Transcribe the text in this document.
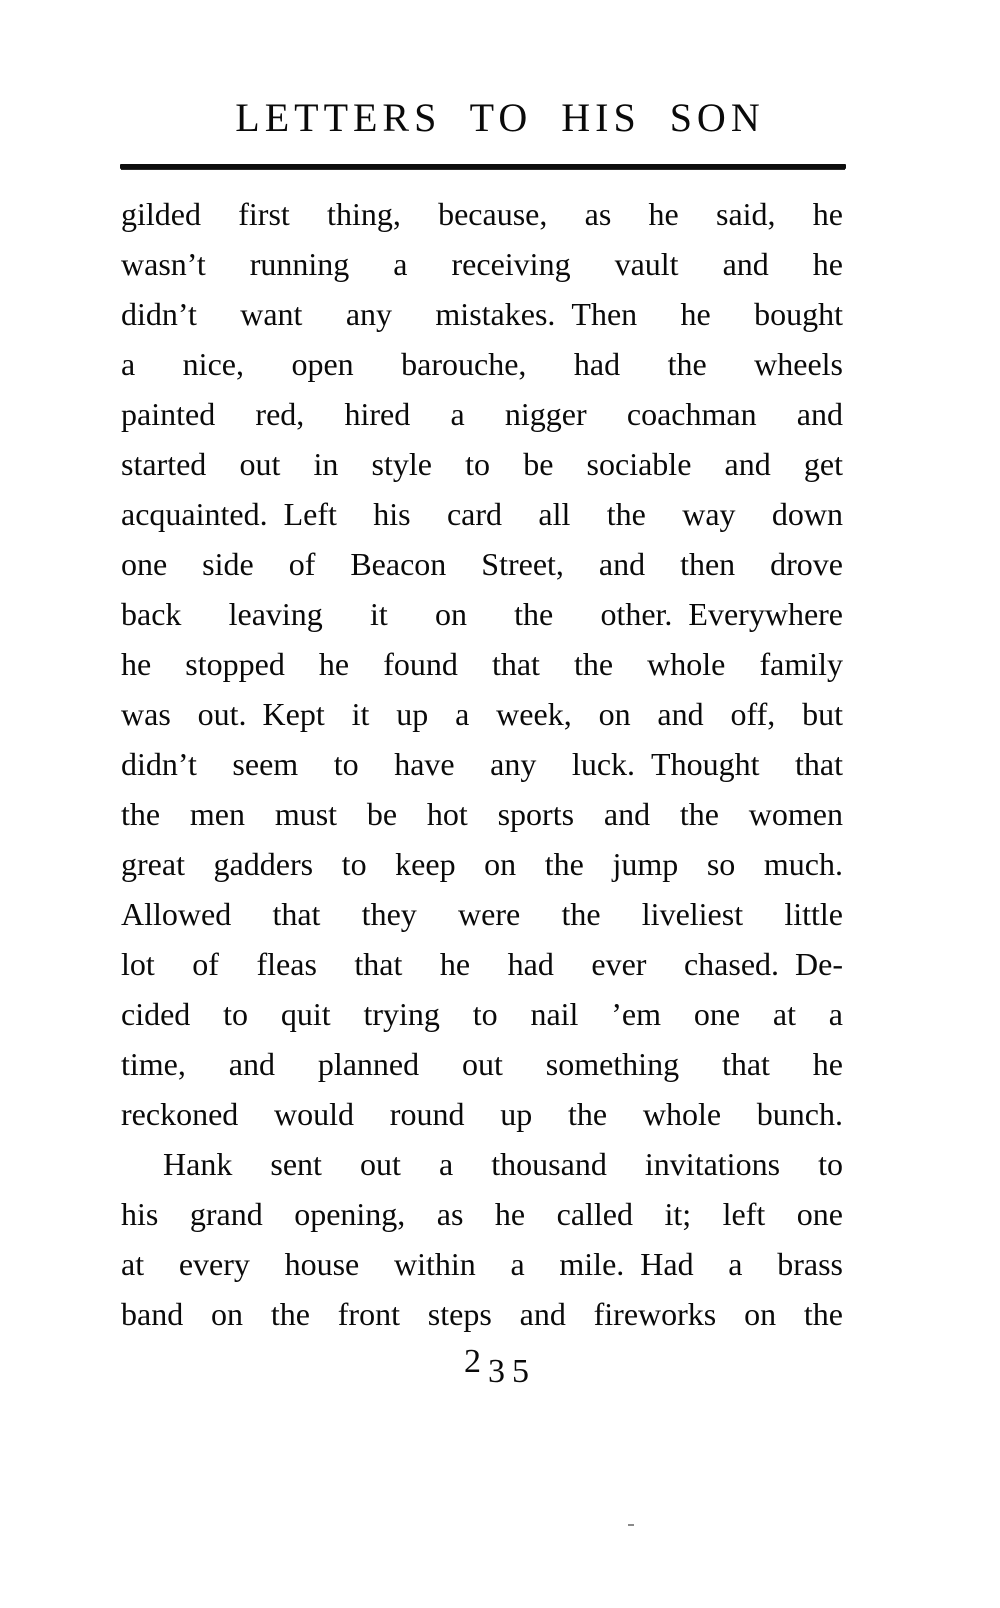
LETTERS TO HIS SON
gilded first thing, because, as he said, he
wasn’t running a receiving vault and he
didn’t want any mistakes. Then he bought
a nice, open barouche, had the wheels
painted red, hired a nigger coachman and
started out in style to be sociable and get
acquainted. Left his card all the way down
one side of Beacon Street, and then drove
back leaving it on the other. Everywhere
he stopped he found that the whole family
was out. Kept it up a week, on and off, but
didn’t seem to have any luck. Thought that
the men must be hot sports and the women
great gadders to keep on the jump so much.
Allowed that they were the liveliest little
lot of fleas that he had ever chased. De-
cided to quit trying to nail ’em one at a
time, and planned out something that he
reckoned would round up the whole bunch.
Hank sent out a thousand invitations to
his grand opening, as he called it; left one
at every house within a mile. Had a brass
band on the front steps and fireworks on the
235
